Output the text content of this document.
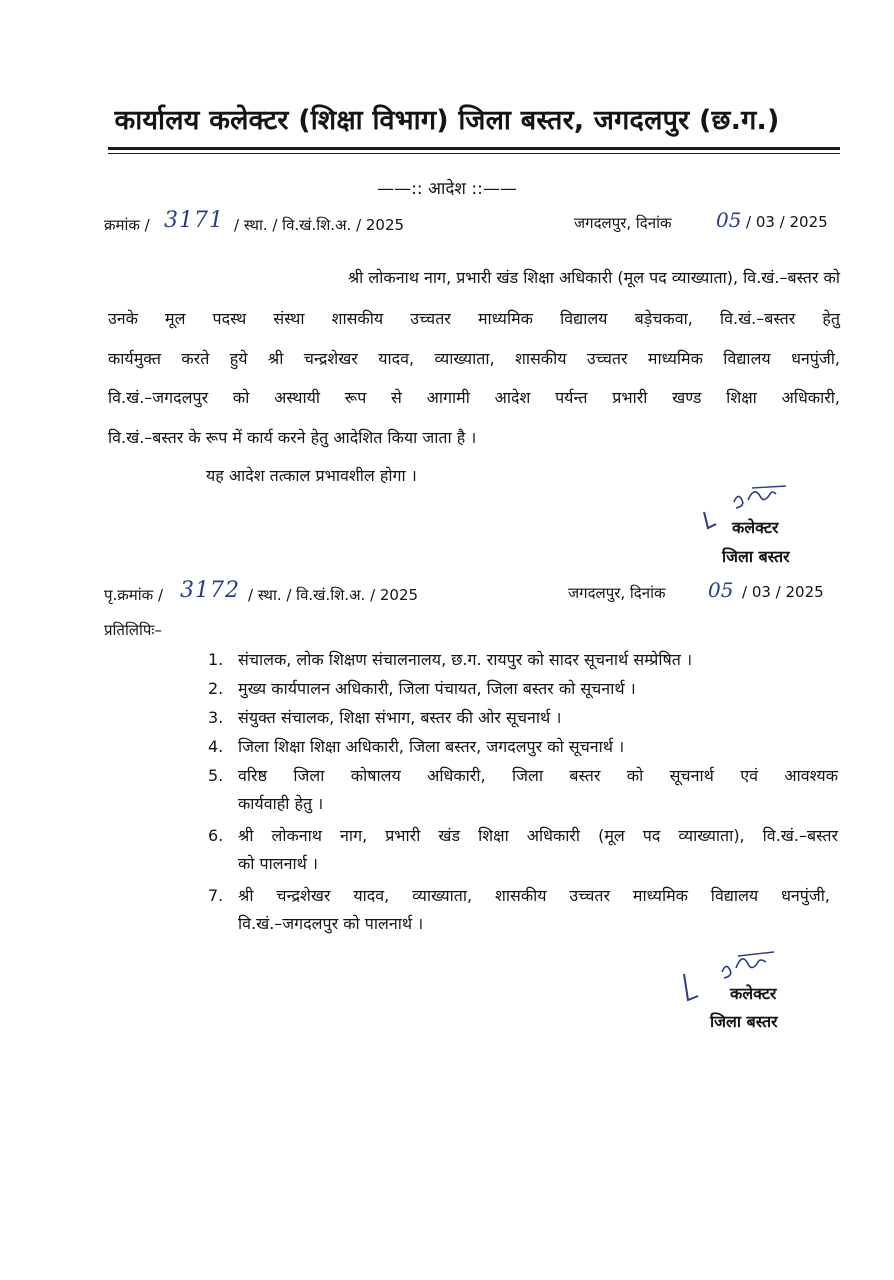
कार्यालय कलेक्टर (शिक्षा विभाग) जिला बस्तर, जगदलपुर (छ.ग.)
——:: आदेश ::——
क्रमांक / 3171 / स्था. / वि.खं.शि.अ. / 2025	जगदलपुर, दिनांक 05 / 03 / 2025
श्री लोकनाथ नाग, प्रभारी खंड शिक्षा अधिकारी (मूल पद व्याख्याता), वि.खं.–बस्तर को
उनके मूल पदस्थ संस्था शासकीय उच्चतर माध्यमिक विद्यालय बड़ेचकवा, वि.खं.–बस्तर हेतु
कार्यमुक्त करते हुये श्री चन्द्रशेखर यादव, व्याख्याता, शासकीय उच्चतर माध्यमिक विद्यालय धनपुंजी,
वि.खं.–जगदलपुर को अस्थायी रूप से आगामी आदेश पर्यन्त प्रभारी खण्ड शिक्षा अधिकारी,
वि.खं.–बस्तर के रूप में कार्य करने हेतु आदेशित किया जाता है ।
यह आदेश तत्काल प्रभावशील होगा ।
कलेक्टर
जिला बस्तर
पृ.क्रमांक / 3172 / स्था. / वि.खं.शि.अ. / 2025	जगदलपुर, दिनांक 05 / 03 / 2025
प्रतिलिपिः–
1. संचालक, लोक शिक्षण संचालनालय, छ.ग. रायपुर को सादर सूचनार्थ सम्प्रेषित ।
2. मुख्य कार्यपालन अधिकारी, जिला पंचायत, जिला बस्तर को सूचनार्थ ।
3. संयुक्त संचालक, शिक्षा संभाग, बस्तर की ओर सूचनार्थ ।
4. जिला शिक्षा शिक्षा अधिकारी, जिला बस्तर, जगदलपुर को सूचनार्थ ।
5. वरिष्ठ जिला कोषालय अधिकारी, जिला बस्तर को सूचनार्थ एवं आवश्यक
कार्यवाही हेतु ।
6. श्री लोकनाथ नाग, प्रभारी खंड शिक्षा अधिकारी (मूल पद व्याख्याता), वि.खं.–बस्तर
को पालनार्थ ।
7. श्री चन्द्रशेखर यादव, व्याख्याता, शासकीय उच्चतर माध्यमिक विद्यालय धनपुंजी,
वि.खं.–जगदलपुर को पालनार्थ ।
कलेक्टर
जिला बस्तर
